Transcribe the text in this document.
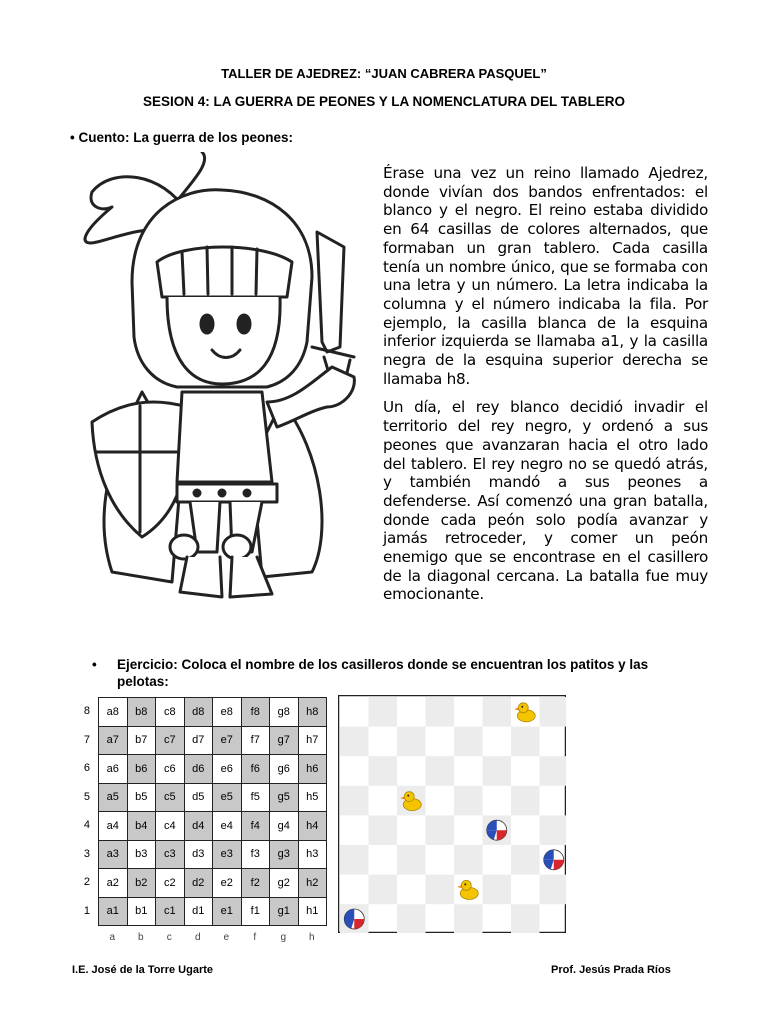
TALLER DE AJEDREZ: “JUAN CABRERA PASQUEL”
SESION 4: LA GUERRA DE PEONES Y LA NOMENCLATURA DEL TABLERO
• Cuento: La guerra de los peones:

Érase una vez un reino llamado Ajedrez, donde vivían dos bandos enfrentados: el blanco y el negro. El reino estaba dividido en 64 casillas de colores alternados, que formaban un gran tablero. Cada casilla tenía un nombre único, que se formaba con una letra y un número. La letra indicaba la columna y el número indicaba la fila. Por ejemplo, la casilla blanca de la esquina inferior izquierda se llamaba a1, y la casilla negra de la esquina superior derecha se llamaba h8.

Un día, el rey blanco decidió invadir el territorio del rey negro, y ordenó a sus peones que avanzaran hacia el otro lado del tablero. El rey negro no se quedó atrás, y también mandó a sus peones a defenderse. Así comenzó una gran batalla, donde cada peón solo podía avanzar y jamás retroceder, y comer un peón enemigo que se encontrase en el casillero de la diagonal cercana. La batalla fue muy emocionante.

•	Ejercicio: Coloca el nombre de los casilleros donde se encuentran los patitos y las pelotas:
8
7
6
5
4
3
2
1
a8	b8	c8	d8	e8	f8	g8	h8
a7	b7	c7	d7	e7	f7	g7	h7
a6	b6	c6	d6	e6	f6	g6	h6
a5	b5	c5	d5	e5	f5	g5	h5
a4	b4	c4	d4	e4	f4	g4	h4
a3	b3	c3	d3	e3	f3	g3	h3
a2	b2	c2	d2	e2	f2	g2	h2
a1	b1	c1	d1	e1	f1	g1	h1
a	b	c	d	e	f	g	h
I.E. José de la Torre Ugarte	Prof. Jesús Prada Ríos
